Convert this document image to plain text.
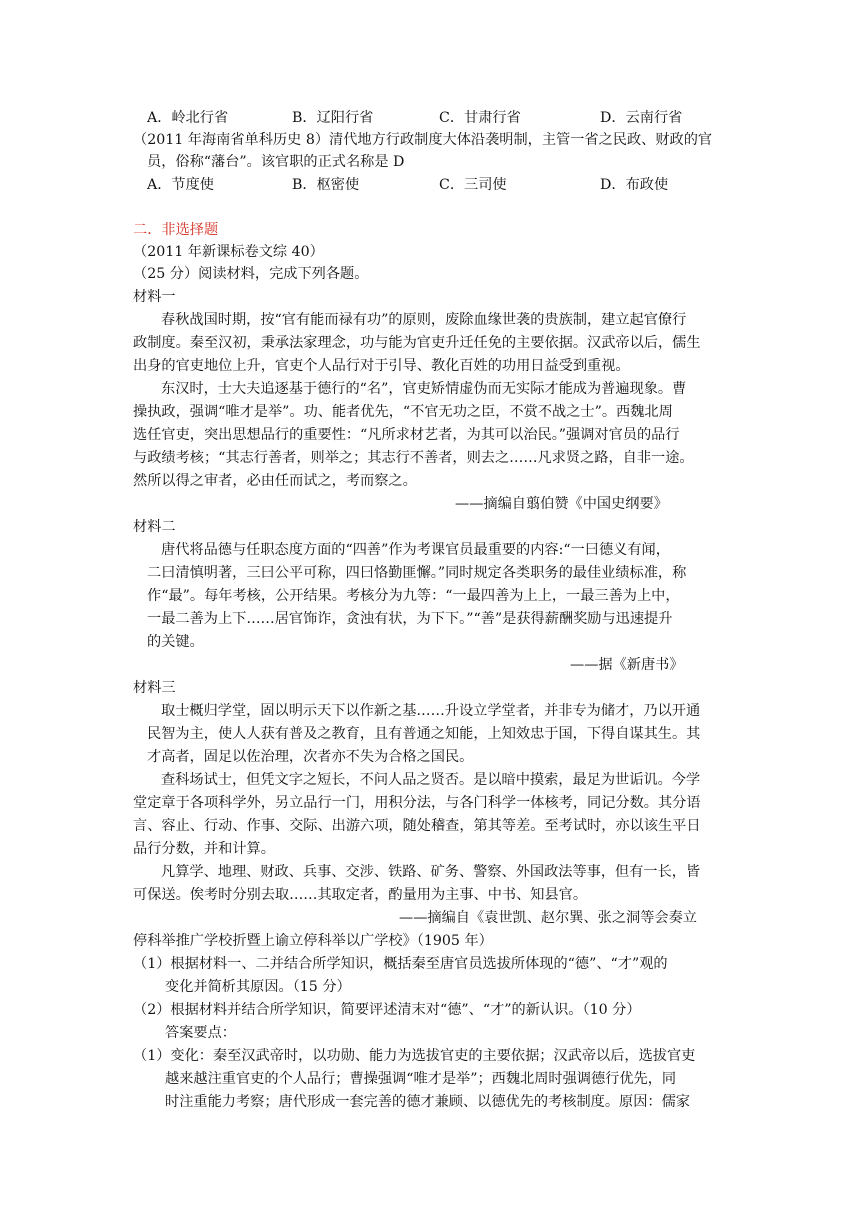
A．岭北行省	B．辽阳行省	C．甘肃行省	D．云南行省
（2011 年海南省单科历史 8）清代地方行政制度大体沿袭明制，主管一省之民政、财政的官
员，俗称“藩台”。该官职的正式名称是 D
A．节度使	B．枢密使	C．三司使	D．布政使
二．非选择题
（2011 年新课标卷文综 40）
（25 分）阅读材料，完成下列各题。
材料一
春秋战国时期，按“官有能而禄有功”的原则，废除血缘世袭的贵族制，建立起官僚行
政制度。秦至汉初，秉承法家理念，功与能为官吏升迁任免的主要依据。汉武帝以后，儒生
出身的官吏地位上升，官吏个人品行对于引导、教化百姓的功用日益受到重视。
东汉时，士大夫追逐基于德行的“名”，官吏矫情虚伪而无实际才能成为普遍现象。曹
操执政，强调“唯才是举”。功、能者优先，“不官无功之臣，不赏不战之士”。西魏北周
选任官吏，突出思想品行的重要性：“凡所求材艺者，为其可以治民。”强调对官员的品行
与政绩考核；“其志行善者，则举之；其志行不善者，则去之……凡求贤之路，自非一途。
然所以得之审者，必由任而试之，考而察之。
——摘编自翦伯赞《中国史纲要》
材料二
唐代将品德与任职态度方面的“四善”作为考课官员最重要的内容:“一曰德义有闻，
二曰清慎明著，三曰公平可称，四曰恪勤匪懈。”同时规定各类职务的最佳业绩标准，称
作“最”。每年考核，公开结果。考核分为九等：“一最四善为上上，一最三善为上中，
一最二善为上下……居官饰诈，贪浊有状，为下下。”“善”是获得薪酬奖励与迅速提升
的关键。
——据《新唐书》
材料三
取士概归学堂，固以明示天下以作新之基……升设立学堂者，并非专为储才，乃以开通
民智为主，使人人获有普及之教育，且有普通之知能，上知效忠于国，下得自谋其生。其
才高者，固足以佐治理，次者亦不失为合格之国民。
查科场试士，但凭文字之短长，不问人品之贤否。是以暗中摸索，最足为世诟讥。今学
堂定章于各项科学外，另立品行一门，用积分法，与各门科学一体核考，同记分数。其分语
言、容止、行动、作事、交际、出游六项，随处稽查，第其等差。至考试时，亦以该生平日
品行分数，并和计算。
凡算学、地理、财政、兵事、交涉、铁路、矿务、警察、外国政法等事，但有一长，皆
可保送。俟考时分别去取……其取定者，酌量用为主事、中书、知县官。
——摘编自《袁世凯、赵尔巽、张之洞等会奏立
停科举推广学校折暨上谕立停科举以广学校》（1905 年）
（1）根据材料一、二并结合所学知识，概括秦至唐官员选拔所体现的“德”、“才”观的
变化并简析其原因。（15 分）
（2）根据材料并结合所学知识，简要评述清末对“德”、“才”的新认识。（10 分）
答案要点：
（1）变化：秦至汉武帝时，以功勋、能力为选拔官吏的主要依据；汉武帝以后，选拔官吏
越来越注重官吏的个人品行；曹操强调“唯才是举”；西魏北周时强调德行优先，同
时注重能力考察；唐代形成一套完善的德才兼顾、以德优先的考核制度。原因：儒家
